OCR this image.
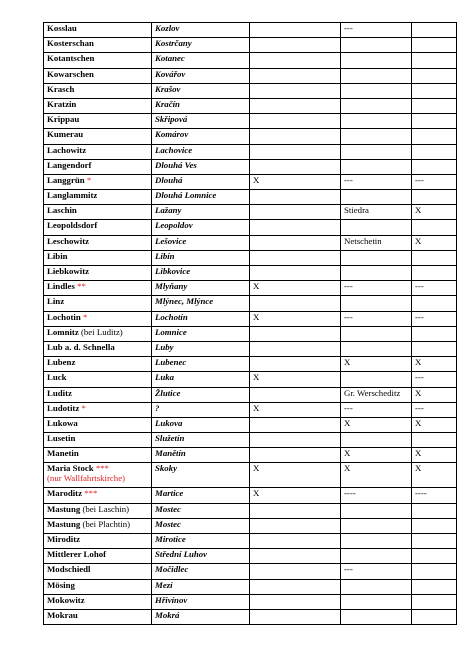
Kosslau	Kozlov		---	
Kosterschan	Kostrčany			
Kotantschen	Kotanec			
Kowarschen	Kovářov			
Krasch	Krašov			
Kratzin	Kračín			
Krippau	Skřipová			
Kumerau	Komárov			
Lachowitz	Lachovice			
Langendorf	Dlouhá Ves			
Langgrün *	Dlouhá	X	---	---
Langlammitz	Dlouhá Lomnice			
Laschin	Lažany		Stiedra	X
Leopoldsdorf	Leopoldov			
Leschowitz	Lešovice		Netschetin	X
Libin	Libín			
Liebkowitz	Libkovice			
Lindles **	Mlyňany	X	---	---
Linz	Mlýnec, Mlýnce			
Lochotin *	Lochotín	X	---	---
Lomnitz (bei Luditz)	Lomnice			
Lub a. d. Schnella	Luby			
Lubenz	Lubenec		X	X
Luck	Luka	X		---
Luditz	Žlutice		Gr. Werscheditz	X
Ludotitz *	?	X	---	---
Lukowa	Lukova		X	X
Lusetin	Služetín			
Manetin	Manětín		X	X
Maria Stock ***
(nur Wallfahrtskirche)	Skoky	X	X	X
Maroditz ***	Martice	X	----	----
Mastung (bei Laschin)	Mostec			
Mastung (bei Plachtin)	Mostec			
Miroditz	Mirotice			
Mittlerer Lohof	Střední Luhov			
Modschiedl	Močidlec		---	
Mösing	Mezí			
Mokowitz	Hřivínov			
Mokrau	Mokrá			
